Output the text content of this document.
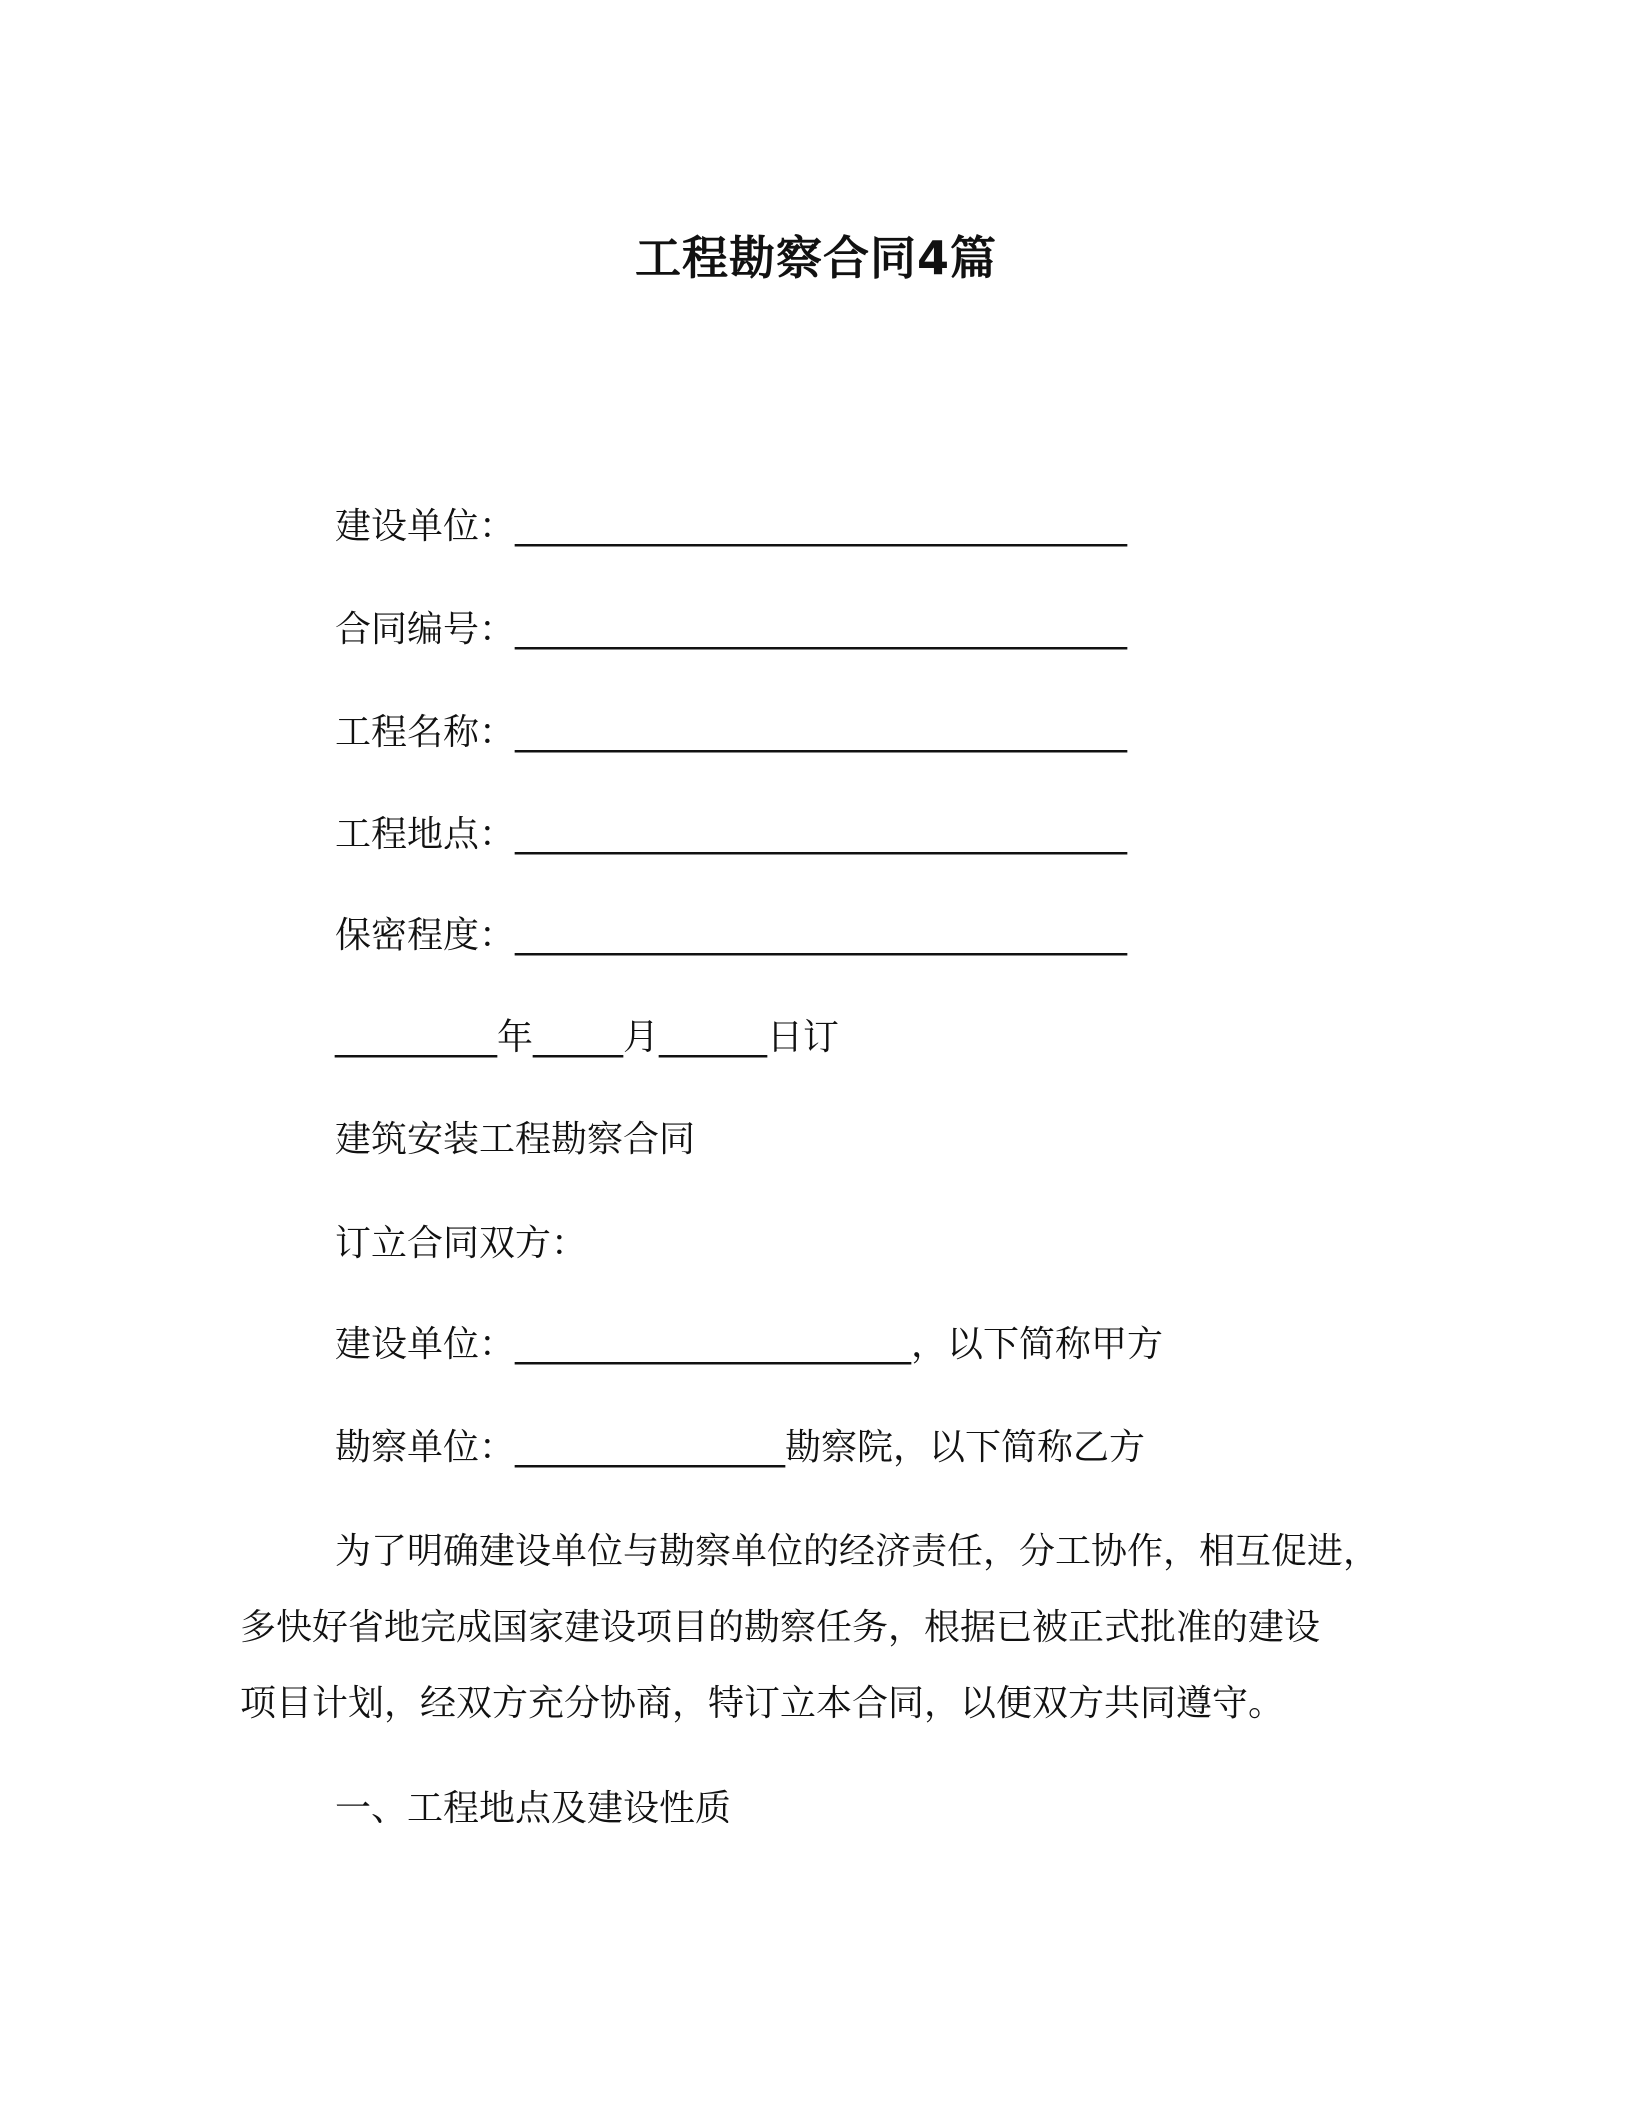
工程勘察合同4篇
建设单位：__________________________________
合同编号：__________________________________
工程名称：__________________________________
工程地点：__________________________________
保密程度：__________________________________
_________年_____月______日订
建筑安装工程勘察合同
订立合同双方：
建设单位：______________________，以下简称甲方
勘察单位：_______________勘察院，以下简称乙方
为了明确建设单位与勘察单位的经济责任，分工协作，相互促进，
多快好省地完成国家建设项目的勘察任务，根据已被正式批准的建设
项目计划，经双方充分协商，特订立本合同，以便双方共同遵守。
一、工程地点及建设性质
